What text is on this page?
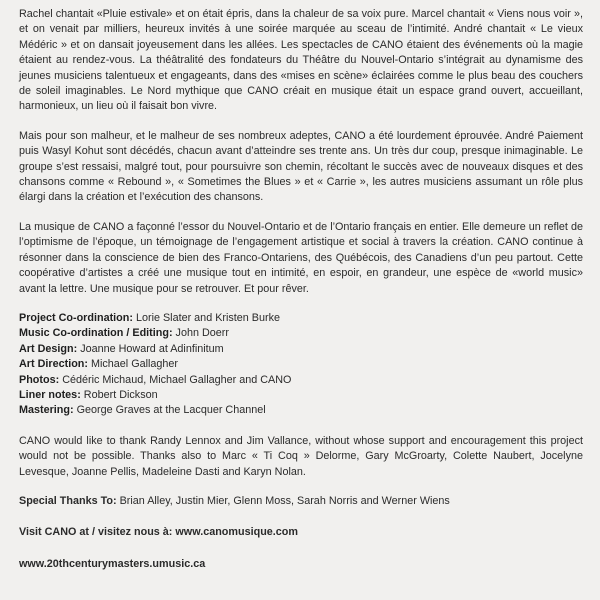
Rachel chantait «Pluie estivale» et on était épris, dans la chaleur de sa voix pure. Marcel chantait « Viens nous voir », et on venait par milliers, heureux invités à une soirée marquée au sceau de l’intimité. André chantait « Le vieux Médéric » et on dansait joyeusement dans les allées. Les spectacles de CANO étaient des événements où la magie étaient au rendez-vous. La théâtralité des fondateurs du Théâtre du Nouvel-Ontario s’intégrait au dynamisme des jeunes musiciens talentueux et engageants, dans des «mises en scène» éclairées comme le plus beau des couchers de soleil imaginables. Le Nord mythique que CANO créait en musique était un espace grand ouvert, accueillant, harmonieux, un lieu où il faisait bon vivre.

Mais pour son malheur, et le malheur de ses nombreux adeptes, CANO a été lourdement éprouvée. André Paiement puis Wasyl Kohut sont décédés, chacun avant d’atteindre ses trente ans. Un très dur coup, presque inimaginable. Le groupe s’est ressaisi, malgré tout, pour poursuivre son chemin, récoltant le succès avec de nouveaux disques et des chansons comme « Rebound », « Sometimes the Blues » et « Carrie », les autres musiciens assumant un rôle plus élargi dans la création et l’exécution des chansons.

La musique de CANO a façonné l’essor du Nouvel-Ontario et de l’Ontario français en entier. Elle demeure un reflet de l’optimisme de l’époque, un témoignage de l’engagement artistique et social à travers la création. CANO continue à résonner dans la conscience de bien des Franco-Ontariens, des Québécois, des Canadiens d’un peu partout. Cette coopérative d’artistes a créé une musique tout en intimité, en espoir, en grandeur, une espèce de «world music» avant la lettre. Une musique pour se retrouver. Et pour rêver.

Project Co-ordination: Lorie Slater and Kristen Burke
Music Co-ordination / Editing: John Doerr
Art Design: Joanne Howard at Adinfinitum
Art Direction: Michael Gallagher
Photos: Cédéric Michaud, Michael Gallagher and CANO
Liner notes: Robert Dickson
Mastering: George Graves at the Lacquer Channel

CANO would like to thank Randy Lennox and Jim Vallance, without whose support and encouragement this project would not be possible. Thanks also to Marc « Ti Coq » Delorme, Gary McGroarty, Colette Naubert, Jocelyne Levesque, Joanne Pellis, Madeleine Dasti and Karyn Nolan.

Special Thanks To: Brian Alley, Justin Mier, Glenn Moss, Sarah Norris and Werner Wiens

Visit CANO at / visitez nous à: www.canomusique.com

www.20thcenturymasters.umusic.ca
